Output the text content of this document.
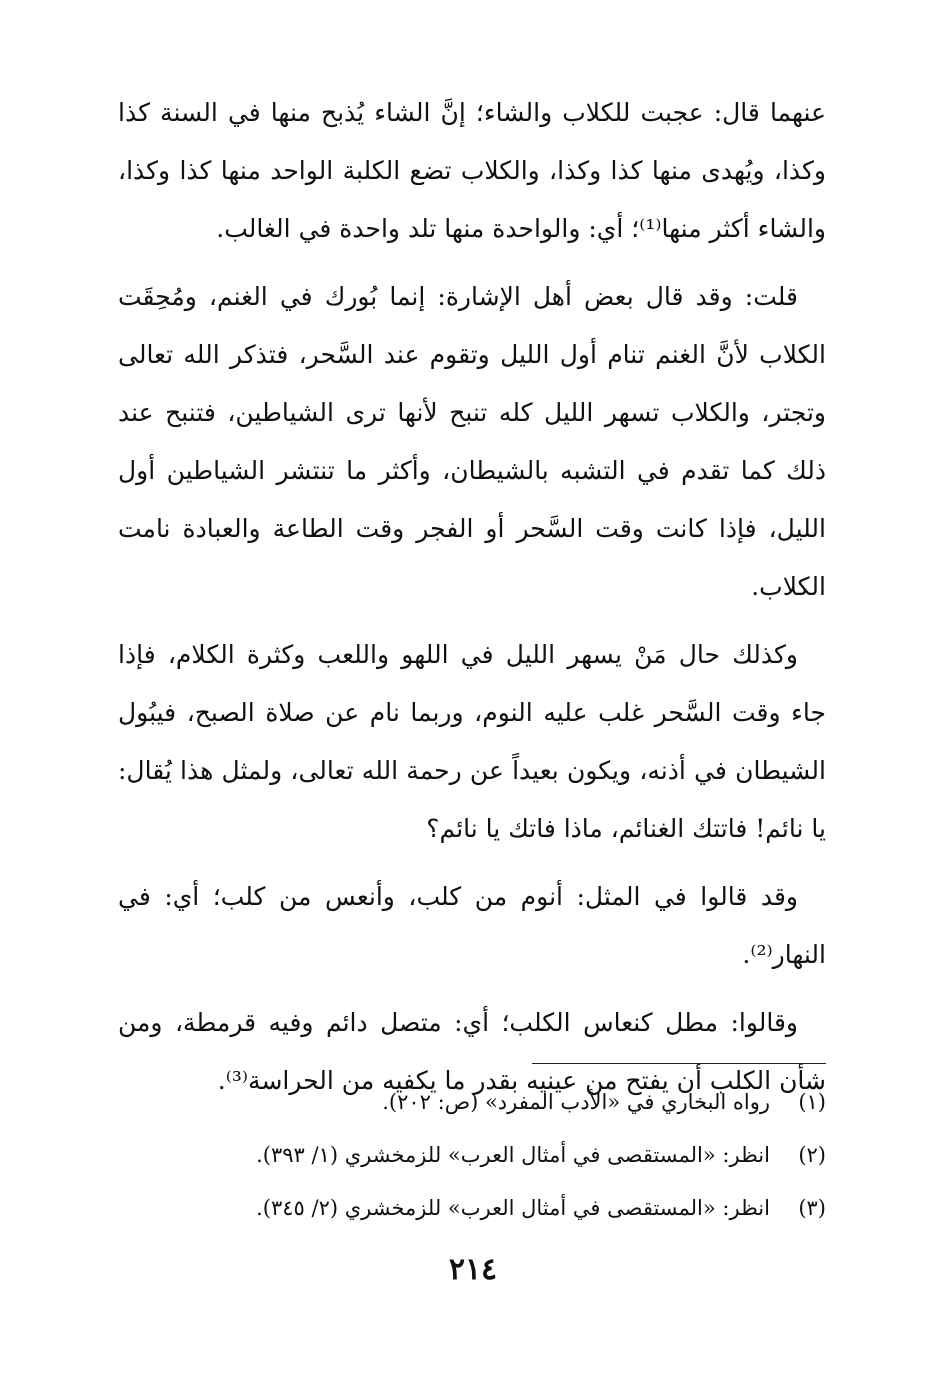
عنهما قال: عجبت للكلاب والشاء؛ إنَّ الشاء يُذبح منها في السنة كذا وكذا، ويُهدى منها كذا وكذا، والكلاب تضع الكلبة الواحد منها كذا وكذا، والشاء أكثر منها⁽¹⁾؛ أي: والواحدة منها تلد واحدة في الغالب.

قلت: وقد قال بعض أهل الإشارة: إنما بُورك في الغنم، ومُحِقَت الكلاب لأنَّ الغنم تنام أول الليل وتقوم عند السَّحر، فتذكر الله تعالى وتجتر، والكلاب تسهر الليل كله تنبح لأنها ترى الشياطين، فتنبح عند ذلك كما تقدم في التشبه بالشيطان، وأكثر ما تنتشر الشياطين أول الليل، فإذا كانت وقت السَّحر أو الفجر وقت الطاعة والعبادة نامت الكلاب.

وكذلك حال مَنْ يسهر الليل في اللهو واللعب وكثرة الكلام، فإذا جاء وقت السَّحر غلب عليه النوم، وربما نام عن صلاة الصبح، فيبُول الشيطان في أذنه، ويكون بعيداً عن رحمة الله تعالى، ولمثل هذا يُقال: يا نائم! فاتتك الغنائم، ماذا فاتك يا نائم؟

وقد قالوا في المثل: أنوم من كلب، وأنعس من كلب؛ أي: في النهار⁽²⁾.

وقالوا: مطل كنعاس الكلب؛ أي: متصل دائم وفيه قرمطة، ومن شأن الكلب أن يفتح من عينيه بقدر ما يكفيه من الحراسة⁽³⁾.

(١)رواه البخاري في «الأدب المفرد» (ص: ٢٠٢).
(٢)انظر: «المستقصى في أمثال العرب» للزمخشري (١/ ٣٩٣).
(٣)انظر: «المستقصى في أمثال العرب» للزمخشري (٢/ ٣٤٥).
٢١٤
